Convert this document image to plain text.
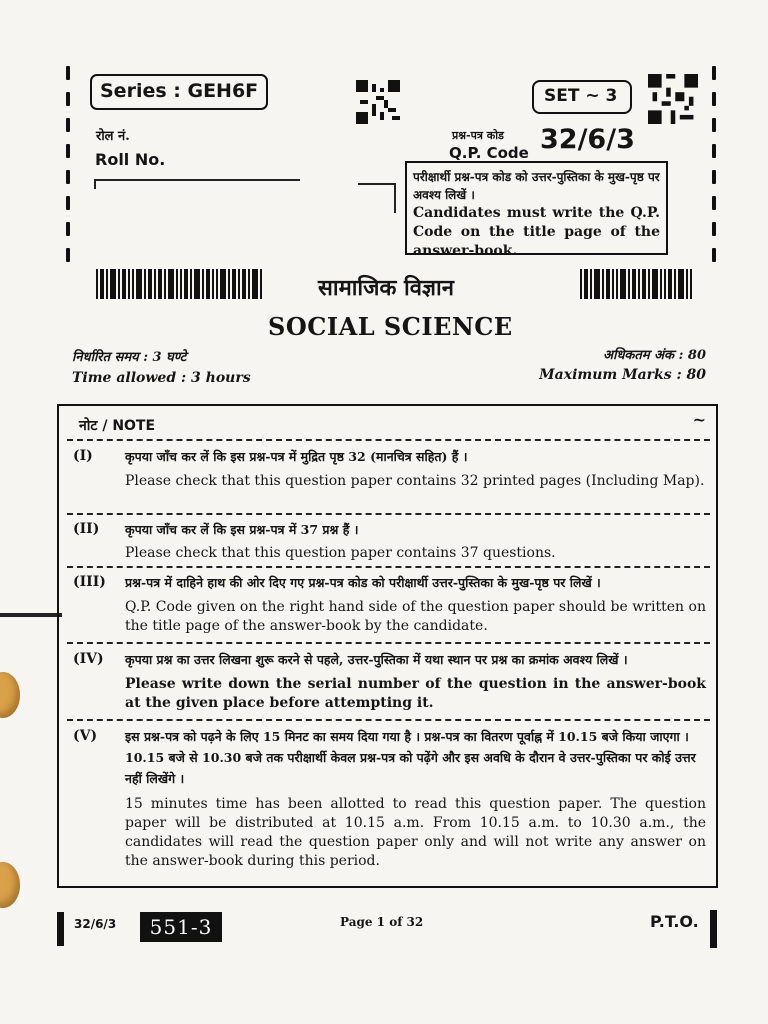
Series : GEH6F	SET ~ 3
रोल नं.
Roll No.
प्रश्न-पत्र कोड
Q.P. Code 32/6/3
परीक्षार्थी प्रश्न-पत्र कोड को उत्तर-पुस्तिका के मुख-पृष्ठ पर अवश्य लिखें ।
Candidates must write the Q.P. Code on the title page of the answer-book.
सामाजिक विज्ञान
SOCIAL SCIENCE
निर्धारित समय : 3 घण्टे
Time allowed : 3 hours
अधिकतम अंक : 80
Maximum Marks : 80
नोट / NOTE	~
(I)	कृपया जाँच कर लें कि इस प्रश्न-पत्र में मुद्रित पृष्ठ 32 (मानचित्र सहित) हैं ।
Please check that this question paper contains 32 printed pages (Including Map).
(II) कृपया जाँच कर लें कि इस प्रश्न-पत्र में 37 प्रश्न हैं ।
Please check that this question paper contains 37 questions.
(III) प्रश्न-पत्र में दाहिने हाथ की ओर दिए गए प्रश्न-पत्र कोड को परीक्षार्थी उत्तर-पुस्तिका के मुख-पृष्ठ पर लिखें ।
Q.P. Code given on the right hand side of the question paper should be written on the title page of the answer-book by the candidate.
(IV) कृपया प्रश्न का उत्तर लिखना शुरू करने से पहले, उत्तर-पुस्तिका में यथा स्थान पर प्रश्न का क्रमांक अवश्य लिखें ।
Please write down the serial number of the question in the answer-book at the given place before attempting it.
(V) इस प्रश्न-पत्र को पढ़ने के लिए 15 मिनट का समय दिया गया है । प्रश्न-पत्र का वितरण पूर्वाह्न में 10.15 बजे किया जाएगा । 10.15 बजे से 10.30 बजे तक परीक्षार्थी केवल प्रश्न-पत्र को पढ़ेंगे और इस अवधि के दौरान वे उत्तर-पुस्तिका पर कोई उत्तर नहीं लिखेंगे ।
15 minutes time has been allotted to read this question paper. The question paper will be distributed at 10.15 a.m. From 10.15 a.m. to 10.30 a.m., the candidates will read the question paper only and will not write any answer on the answer-book during this period.
32/6/3	551-3	Page 1 of 32	P.T.O.
